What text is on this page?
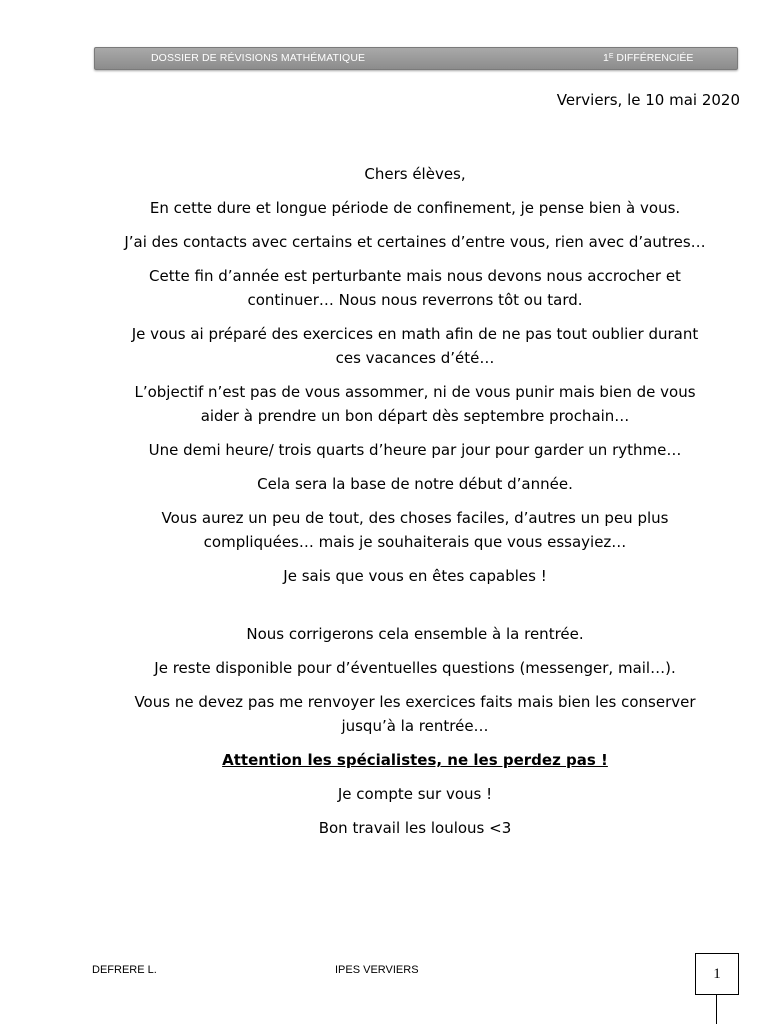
DOSSIER DE RÉVISIONS MATHÉMATIQUE	$1^E$ DIFFÉRENCIÉE
Verviers, le 10 mai 2020

Chers élèves,

En cette dure et longue période de confinement, je pense bien à vous.

J’ai des contacts avec certains et certaines d’entre vous, rien avec d’autres…

Cette fin d’année est perturbante mais nous devons nous accrocher et

continuer… Nous nous reverrons tôt ou tard.

Je vous ai préparé des exercices en math afin de ne pas tout oublier durant

ces vacances d’été…

L’objectif n’est pas de vous assommer, ni de vous punir mais bien de vous

aider à prendre un bon départ dès septembre prochain…

Une demi heure/ trois quarts d’heure par jour pour garder un rythme…

Cela sera la base de notre début d’année.

Vous aurez un peu de tout, des choses faciles, d’autres un peu plus

compliquées… mais je souhaiterais que vous essayiez…

Je sais que vous en êtes capables !

Nous corrigerons cela ensemble à la rentrée.

Je reste disponible pour d’éventuelles questions (messenger, mail…).

Vous ne devez pas me renvoyer les exercices faits mais bien les conserver

jusqu’à la rentrée…

Attention les spécialistes, ne les perdez pas !

Je compte sur vous !

Bon travail les loulous <3

DEFRERE L.	IPES VERVIERS	1
